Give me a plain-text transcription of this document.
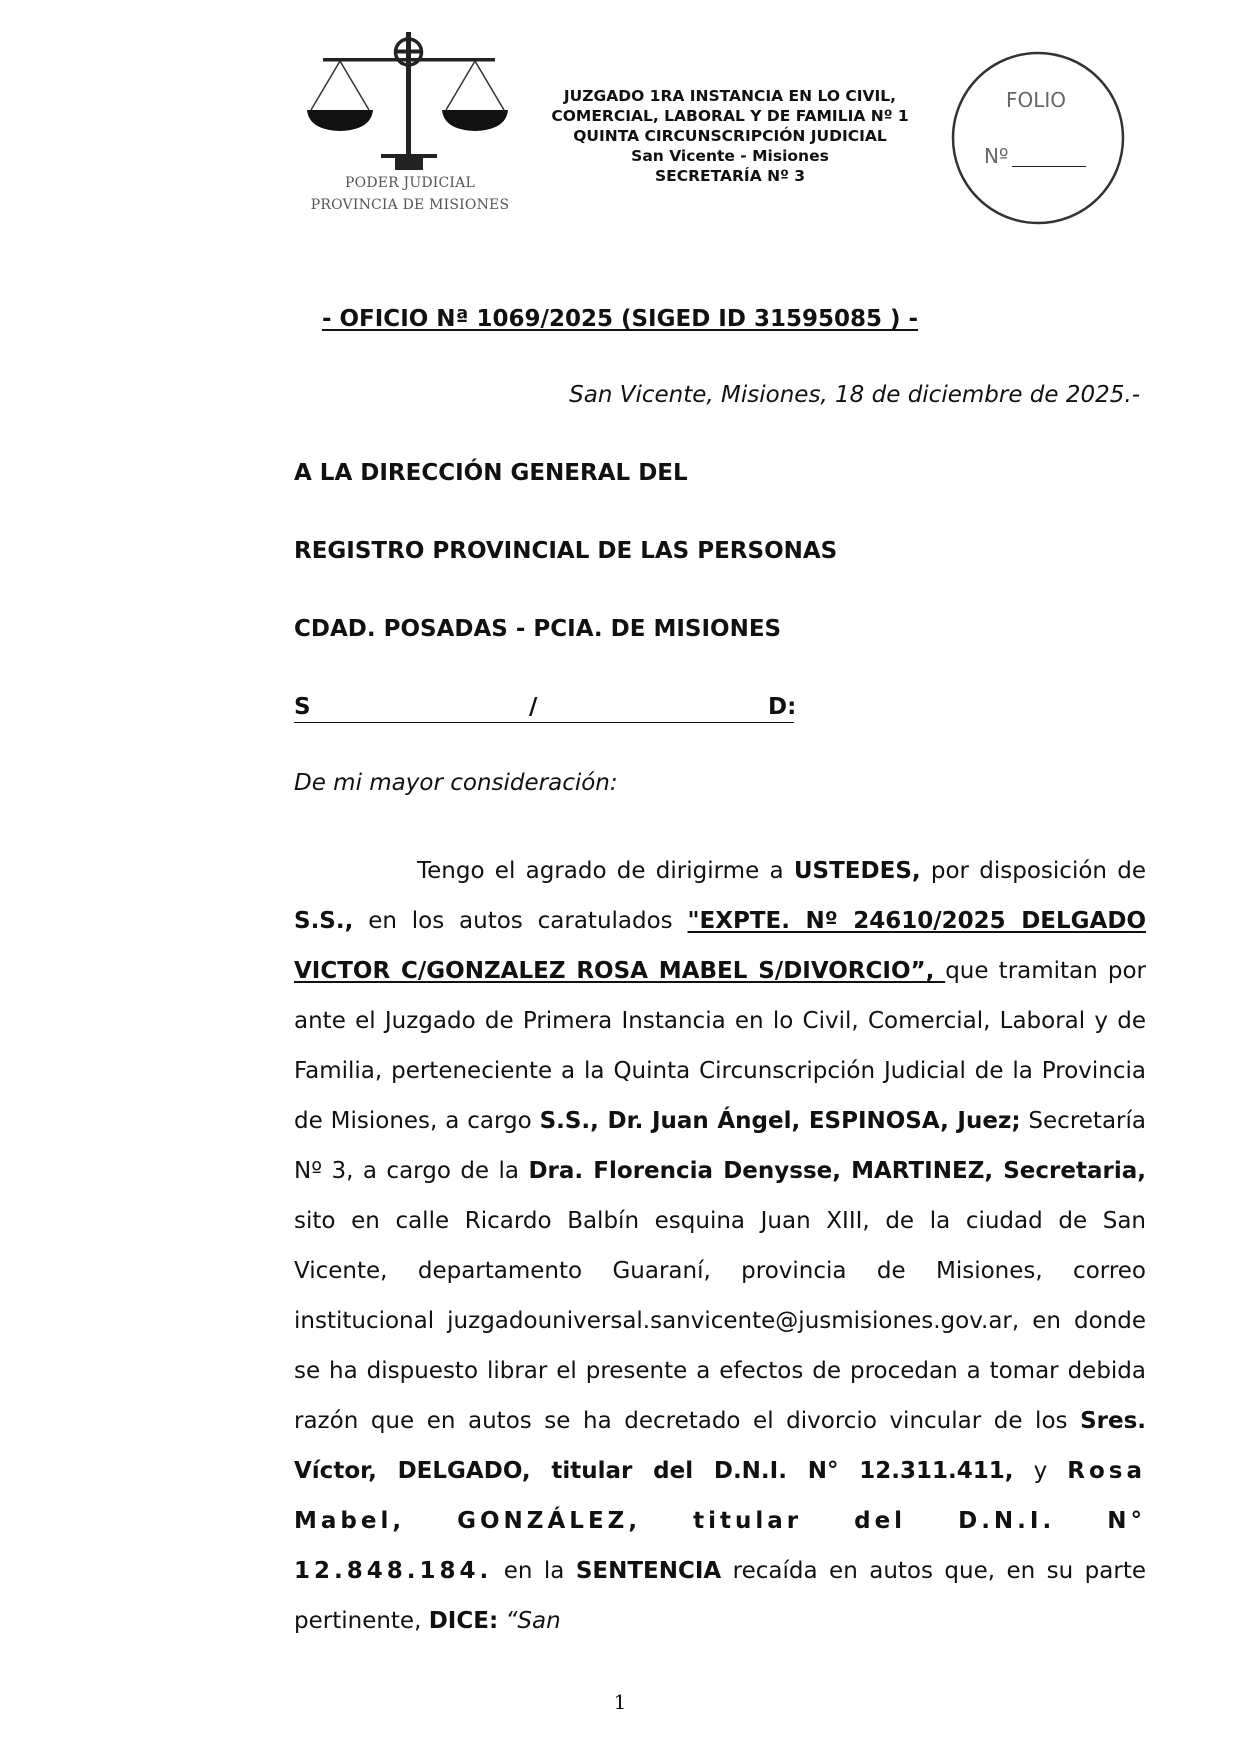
PODER JUDICIAL
PROVINCIA DE MISIONES
JUZGADO 1RA INSTANCIA EN LO CIVIL,
COMERCIAL, LABORAL Y DE FAMILIA Nº 1
QUINTA CIRCUNSCRIPCIÓN JUDICIAL
San Vicente - Misiones
SECRETARÍA Nº 3
FOLIO
Nº
- OFICIO Nª 1069/2025 (SIGED ID 31595085 ) -
San Vicente, Misiones, 18 de diciembre de 2025.-
A LA DIRECCIÓN GENERAL DEL
REGISTRO PROVINCIAL DE LAS PERSONAS
CDAD. POSADAS - PCIA. DE MISIONES
S	/	D:
De mi mayor consideración:

Tengo el agrado de dirigirme a USTEDES, por disposición de S.S., en los autos caratulados "EXPTE. Nº 24610/2025 DELGADO VICTOR C/GONZALEZ ROSA MABEL S/DIVORCIO”, que tramitan por ante el Juzgado de Primera Instancia en lo Civil, Comercial, Laboral y de Familia, perteneciente a la Quinta Circunscripción Judicial de la Provincia de Misiones, a cargo S.S., Dr. Juan Ángel, ESPINOSA, Juez; Secretaría Nº 3, a cargo de la Dra. Florencia Denysse, MARTINEZ, Secretaria, sito en calle Ricardo Balbín esquina Juan XIII, de la ciudad de San Vicente, departamento Guaraní, provincia de Misiones, correo institucional juzgadouniversal.sanvicente@jusmisiones.gov.ar, en donde se ha dispuesto librar el presente a efectos de procedan a tomar debida razón que en autos se ha decretado el divorcio vincular de los Sres. Víctor, DELGADO, titular del D.N.I. N° 12.311.411, y Rosa Mabel, GONZÁLEZ, titular del D.N.I. N° 12.848.184. en la SENTENCIA recaída en autos que, en su parte pertinente, DICE: “San

1
